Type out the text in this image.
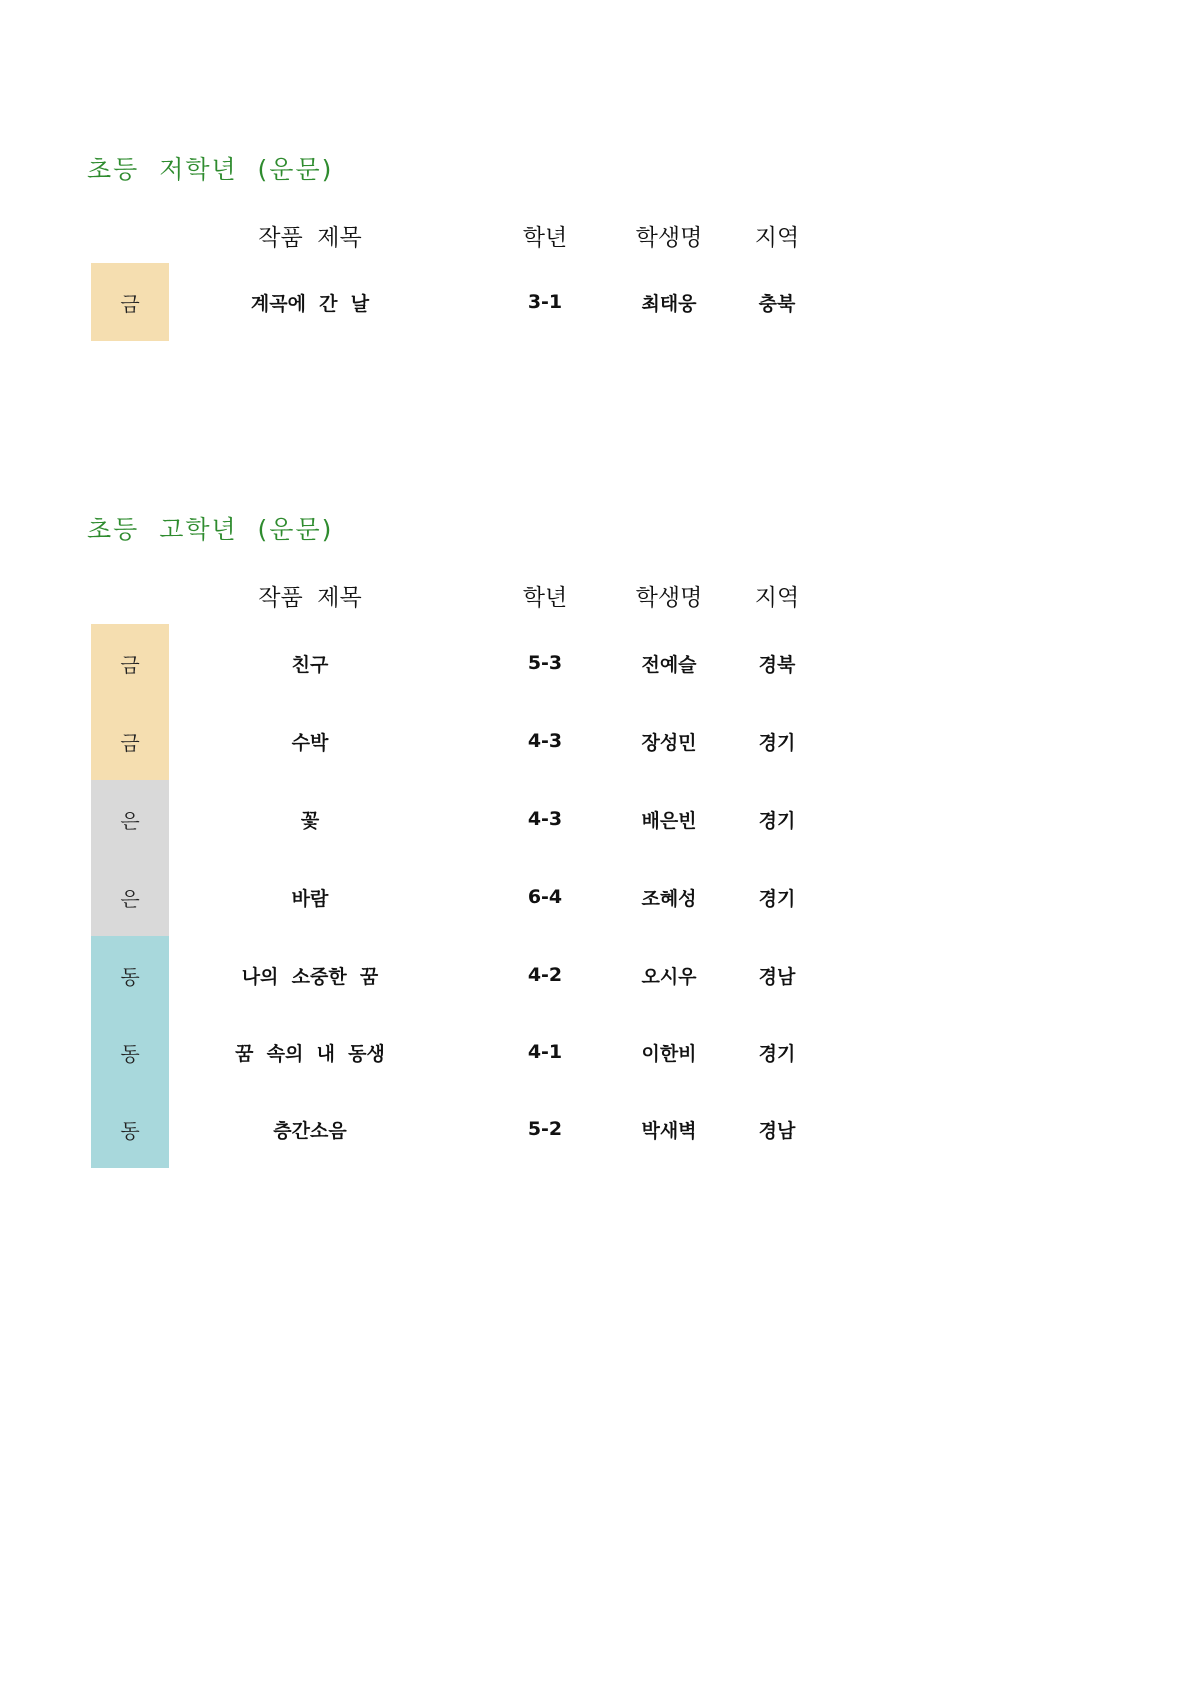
초등  저학년  (운문)
작품  제목	학년	학생명	지역
금	계곡에  간  날	3-1	최태웅	충북
초등  고학년  (운문)
작품  제목	학년	학생명	지역
금	친구	5-3	전예슬	경북
금	수박	4-3	장성민	경기
은	꽃	4-3	배은빈	경기
은	바람	6-4	조혜성	경기
동	나의  소중한  꿈	4-2	오시우	경남
동	꿈  속의  내  동생	4-1	이한비	경기
동	층간소음	5-2	박새벽	경남
